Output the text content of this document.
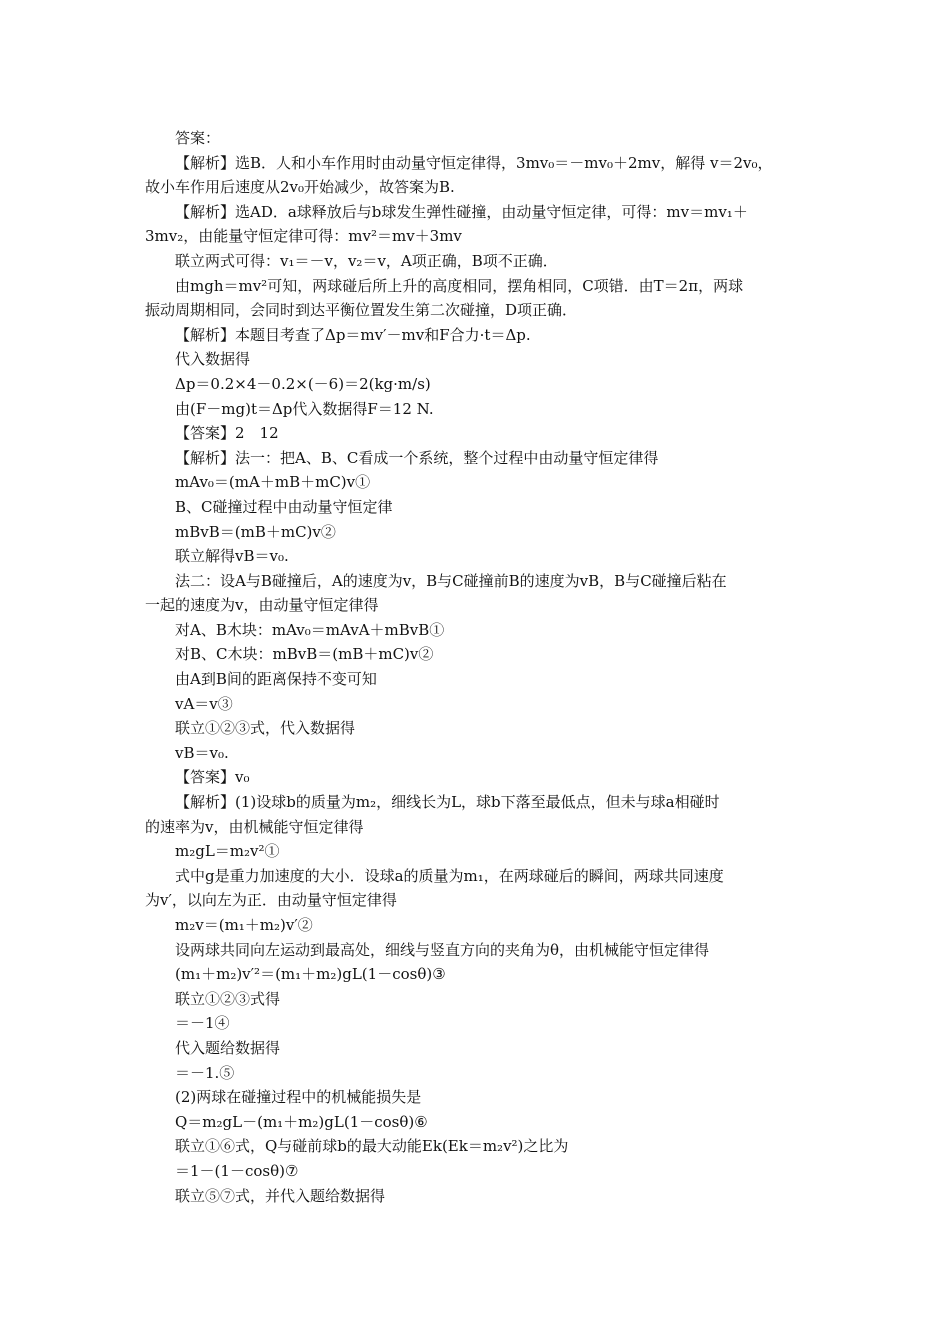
答案：
【解析】选B．人和小车作用时由动量守恒定律得，3mv₀＝－mv₀＋2mv，解得 v＝2v₀，
故小车作用后速度从2v₀开始减少，故答案为B.
【解析】选AD．a球释放后与b球发生弹性碰撞，由动量守恒定律，可得：mv＝mv₁＋
3mv₂，由能量守恒定律可得：mv²＝mv＋3mv
联立两式可得：v₁＝－v，v₂＝v，A项正确，B项不正确．
由mgh＝mv²可知，两球碰后所上升的高度相同，摆角相同，C项错．由T＝2π，两球
振动周期相同，会同时到达平衡位置发生第二次碰撞，D项正确．
【解析】本题目考查了Δp＝mv′－mv和F合力·t＝Δp.
代入数据得
Δp＝0.2×4－0.2×(－6)＝2(kg·m/s)
由(F－mg)t＝Δp代入数据得F＝12 N.
【答案】2　12
【解析】法一：把A、B、C看成一个系统，整个过程中由动量守恒定律得
mAv₀＝(mA＋mB＋mC)v①
B、C碰撞过程中由动量守恒定律
mBvB＝(mB＋mC)v②
联立解得vB＝v₀.
法二：设A与B碰撞后，A的速度为v，B与C碰撞前B的速度为vB，B与C碰撞后粘在
一起的速度为v，由动量守恒定律得
对A、B木块：mAv₀＝mAvA＋mBvB①
对B、C木块：mBvB＝(mB＋mC)v②
由A到B间的距离保持不变可知
vA＝v③
联立①②③式，代入数据得
vB＝v₀.
【答案】v₀
【解析】(1)设球b的质量为m₂，细线长为L，球b下落至最低点，但未与球a相碰时
的速率为v，由机械能守恒定律得
m₂gL＝m₂v²①
式中g是重力加速度的大小．设球a的质量为m₁，在两球碰后的瞬间，两球共同速度
为v′，以向左为正．由动量守恒定律得
m₂v＝(m₁＋m₂)v′②
设两球共同向左运动到最高处，细线与竖直方向的夹角为θ，由机械能守恒定律得
(m₁＋m₂)v′²＝(m₁＋m₂)gL(1－cosθ)③
联立①②③式得
＝－1④
代入题给数据得
＝－1.⑤
(2)两球在碰撞过程中的机械能损失是
Q＝m₂gL－(m₁＋m₂)gL(1－cosθ)⑥
联立①⑥式，Q与碰前球b的最大动能Ek(Ek＝m₂v²)之比为
＝1－(1－cosθ)⑦
联立⑤⑦式，并代入题给数据得
